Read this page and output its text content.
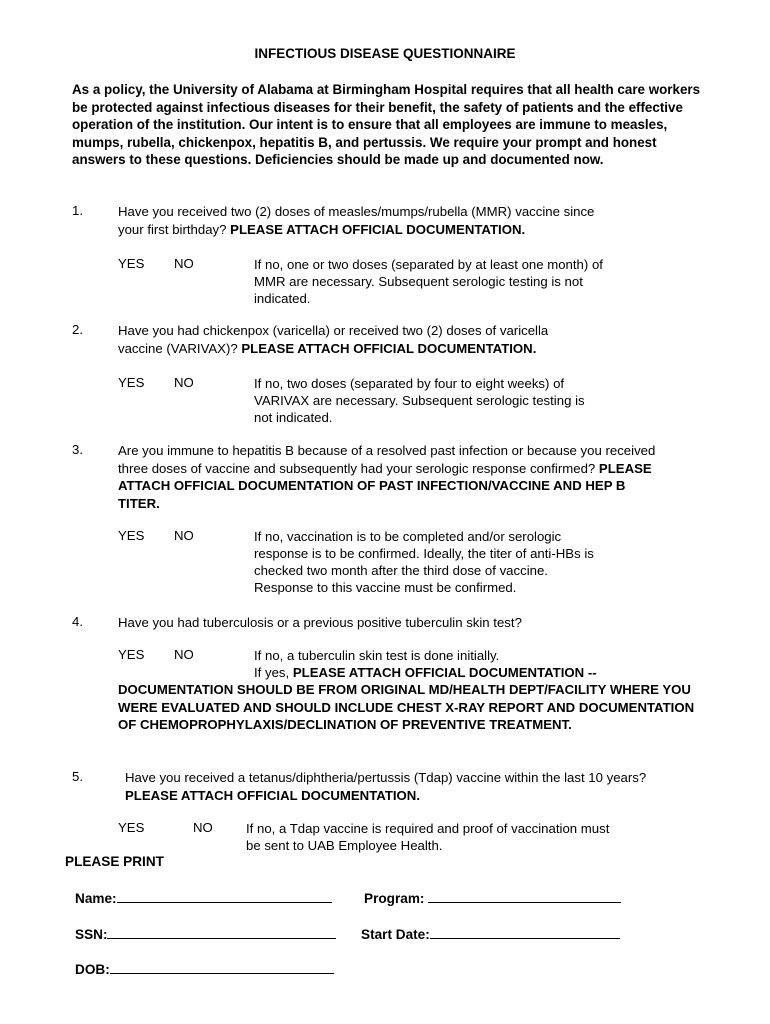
INFECTIOUS DISEASE QUESTIONNAIRE
As a policy, the University of Alabama at Birmingham Hospital requires that all health care workers be protected against infectious diseases for their benefit, the safety of patients and the effective operation of the institution. Our intent is to ensure that all employees are immune to measles, mumps, rubella, chickenpox, hepatitis B, and pertussis. We require your prompt and honest answers to these questions. Deficiencies should be made up and documented now.
1.	Have you received two (2) doses of measles/mumps/rubella (MMR) vaccine since your first birthday? PLEASE ATTACH OFFICIAL DOCUMENTATION.
YES NO	If no, one or two doses (separated by at least one month) of MMR are necessary. Subsequent serologic testing is not indicated.
2.	Have you had chickenpox (varicella) or received two (2) doses of varicella vaccine (VARIVAX)? PLEASE ATTACH OFFICIAL DOCUMENTATION.
YES NO	If no, two doses (separated by four to eight weeks) of VARIVAX are necessary. Subsequent serologic testing is not indicated.
3.	Are you immune to hepatitis B because of a resolved past infection or because you received three doses of vaccine and subsequently had your serologic response confirmed? PLEASE ATTACH OFFICIAL DOCUMENTATION OF PAST INFECTION/VACCINE AND HEP B TITER.
YES NO	If no, vaccination is to be completed and/or serologic response is to be confirmed. Ideally, the titer of anti-HBs is checked two month after the third dose of vaccine. Response to this vaccine must be confirmed.
4.	Have you had tuberculosis or a previous positive tuberculin skin test?
YES NO	If no, a tuberculin skin test is done initially.
If yes, PLEASE ATTACH OFFICIAL DOCUMENTATION --
DOCUMENTATION SHOULD BE FROM ORIGINAL MD/HEALTH DEPT/FACILITY WHERE YOU WERE EVALUATED AND SHOULD INCLUDE CHEST X-RAY REPORT AND DOCUMENTATION OF CHEMOPROPHYLAXIS/DECLINATION OF PREVENTIVE TREATMENT.
5.	Have you received a tetanus/diphtheria/pertussis (Tdap) vaccine within the last 10 years? PLEASE ATTACH OFFICIAL DOCUMENTATION.
YES	NO	If no, a Tdap vaccine is required and proof of vaccination must be sent to UAB Employee Health.
PLEASE PRINT
Name:	Program:
SSN:	Start Date:
DOB:
